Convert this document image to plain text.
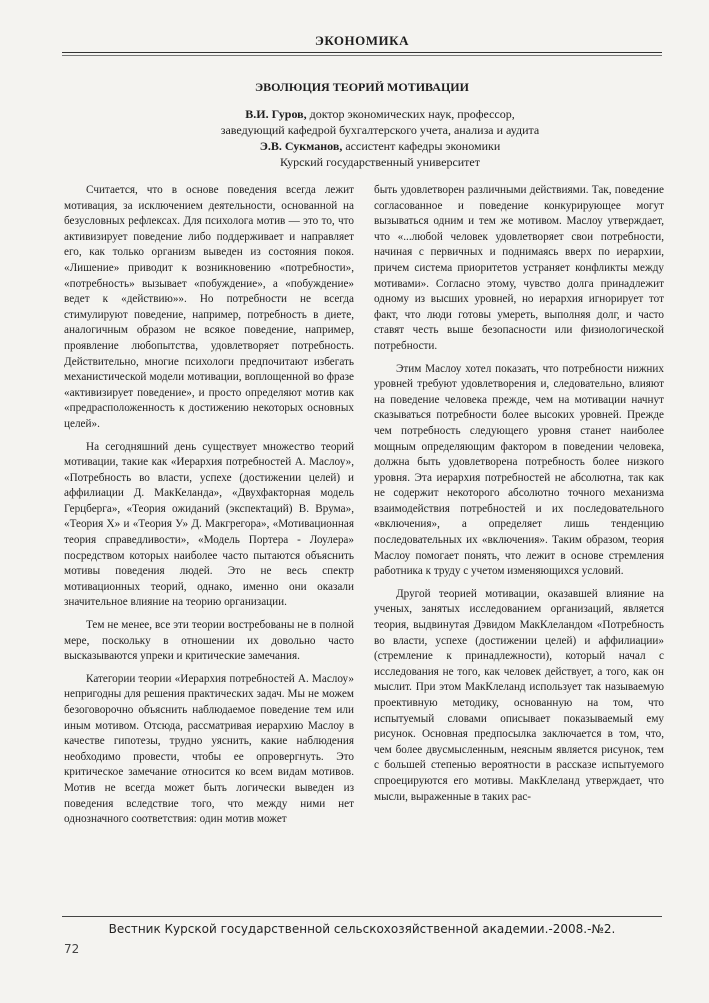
ЭКОНОМИКА
ЭВОЛЮЦИЯ ТЕОРИЙ МОТИВАЦИИ
В.И. Гуров, доктор экономических наук, профессор,
заведующий кафедрой бухгалтерского учета, анализа и аудита
Э.В. Сукманов, ассистент кафедры экономики
Курский государственный университет

Считается, что в основе поведения всегда лежит мотивация, за исключением деятельности, основанной на безусловных рефлексах. Для психолога мотив — это то, что активизирует поведение либо поддерживает и направляет его, как только организм выведен из состояния покоя. «Лишение» приводит к возникновению «потребности», «потребность» вызывает «побуждение», а «побуждение» ведет к «действию»». Но потребности не всегда стимулируют поведение, например, потребность в диете, аналогичным образом не всякое поведение, например, проявление любопытства, удовлетворяет потребность. Действительно, многие психологи предпочитают избегать механистической модели мотивации, воплощенной во фразе «активизирует поведение», и просто определяют мотив как «предрасположенность к достижению некоторых основных целей».

На сегодняшний день существует множество теорий мотивации, такие как «Иерархия потребностей А. Маслоу», «Потребность во власти, успехе (достижении целей) и аффилиации Д. МакКеланда», «Двухфакторная модель Герцберга», «Теория ожиданий (экспектаций) В. Врума», «Теория Х» и «Теория У» Д. Макгрегора», «Мотивационная теория справедливости», «Модель Портера - Лоулера» посредством которых наиболее часто пытаются объяснить мотивы поведения людей. Это не весь спектр мотивационных теорий, однако, именно они оказали значительное влияние на теорию организации.

Тем не менее, все эти теории востребованы не в полной мере, поскольку в отношении их довольно часто высказываются упреки и критические замечания.

Категории теории «Иерархия потребностей А. Маслоу» непригодны для решения практических задач. Мы не можем безоговорочно объяснить наблюдаемое поведение тем или иным мотивом. Отсюда, рассматривая иерархию Маслоу в качестве гипотезы, трудно уяснить, какие наблюдения необходимо провести, чтобы ее опровергнуть. Это критическое замечание относится ко всем видам мотивов. Мотив не всегда может быть логически выведен из поведения вследствие того, что между ними нет однозначного соответствия: один мотив может

быть удовлетворен различными действиями. Так, поведение согласованное и поведение конкурирующее могут вызываться одним и тем же мотивом. Маслоу утверждает, что «...любой человек удовлетворяет свои потребности, начиная с первичных и поднимаясь вверх по иерархии, причем система приоритетов устраняет конфликты между мотивами». Согласно этому, чувство долга принадлежит одному из высших уровней, но иерархия игнорирует тот факт, что люди готовы умереть, выполняя долг, и часто ставят честь выше безопасности или физиологической потребности.

Этим Маслоу хотел показать, что потребности нижних уровней требуют удовлетворения и, следовательно, влияют на поведение человека прежде, чем на мотивации начнут сказываться потребности более высоких уровней. Прежде чем потребность следующего уровня станет наиболее мощным определяющим фактором в поведении человека, должна быть удовлетворена потребность более низкого уровня. Эта иерархия потребностей не абсолютна, так как не содержит некоторого абсолютно точного механизма взаимодействия потребностей и их последовательного «включения», а определяет лишь тенденцию последовательных их «включения». Таким образом, теория Маслоу помогает понять, что лежит в основе стремления работника к труду с учетом изменяющихся условий.

Другой теорией мотивации, оказавшей влияние на ученых, занятых исследованием организаций, является теория, выдвинутая Дэвидом МакКлеландом «Потребность во власти, успехе (достижении целей) и аффилиации» (стремление к принадлежности), который начал с исследования не того, как человек действует, а того, как он мыслит. При этом МакКлеланд использует так называемую проективную методику, основанную на том, что испытуемый словами описывает показываемый ему рисунок. Основная предпосылка заключается в том, что, чем более двусмысленным, неясным является рисунок, тем с большей степенью вероятности в рассказе испытуемого спроецируются его мотивы. МакКлеланд утверждает, что мысли, выраженные в таких рас-

Вестник Курской государственной сельскохозяйственной академии.-2008.-№2.
72
